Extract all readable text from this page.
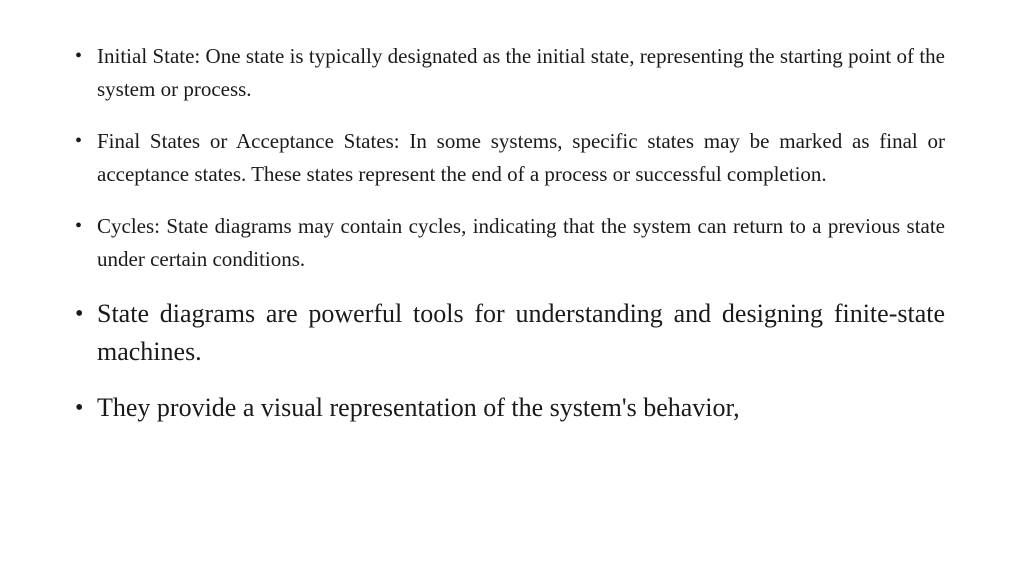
• Initial State: One state is typically designated as the initial state, representing the starting point of the system or process.
• Final States or Acceptance States: In some systems, specific states may be marked as final or acceptance states. These states represent the end of a process or successful completion.
• Cycles: State diagrams may contain cycles, indicating that the system can return to a previous state under certain conditions.
• State diagrams are powerful tools for understanding and designing finite-state machines.
• They provide a visual representation of the system's behavior,
